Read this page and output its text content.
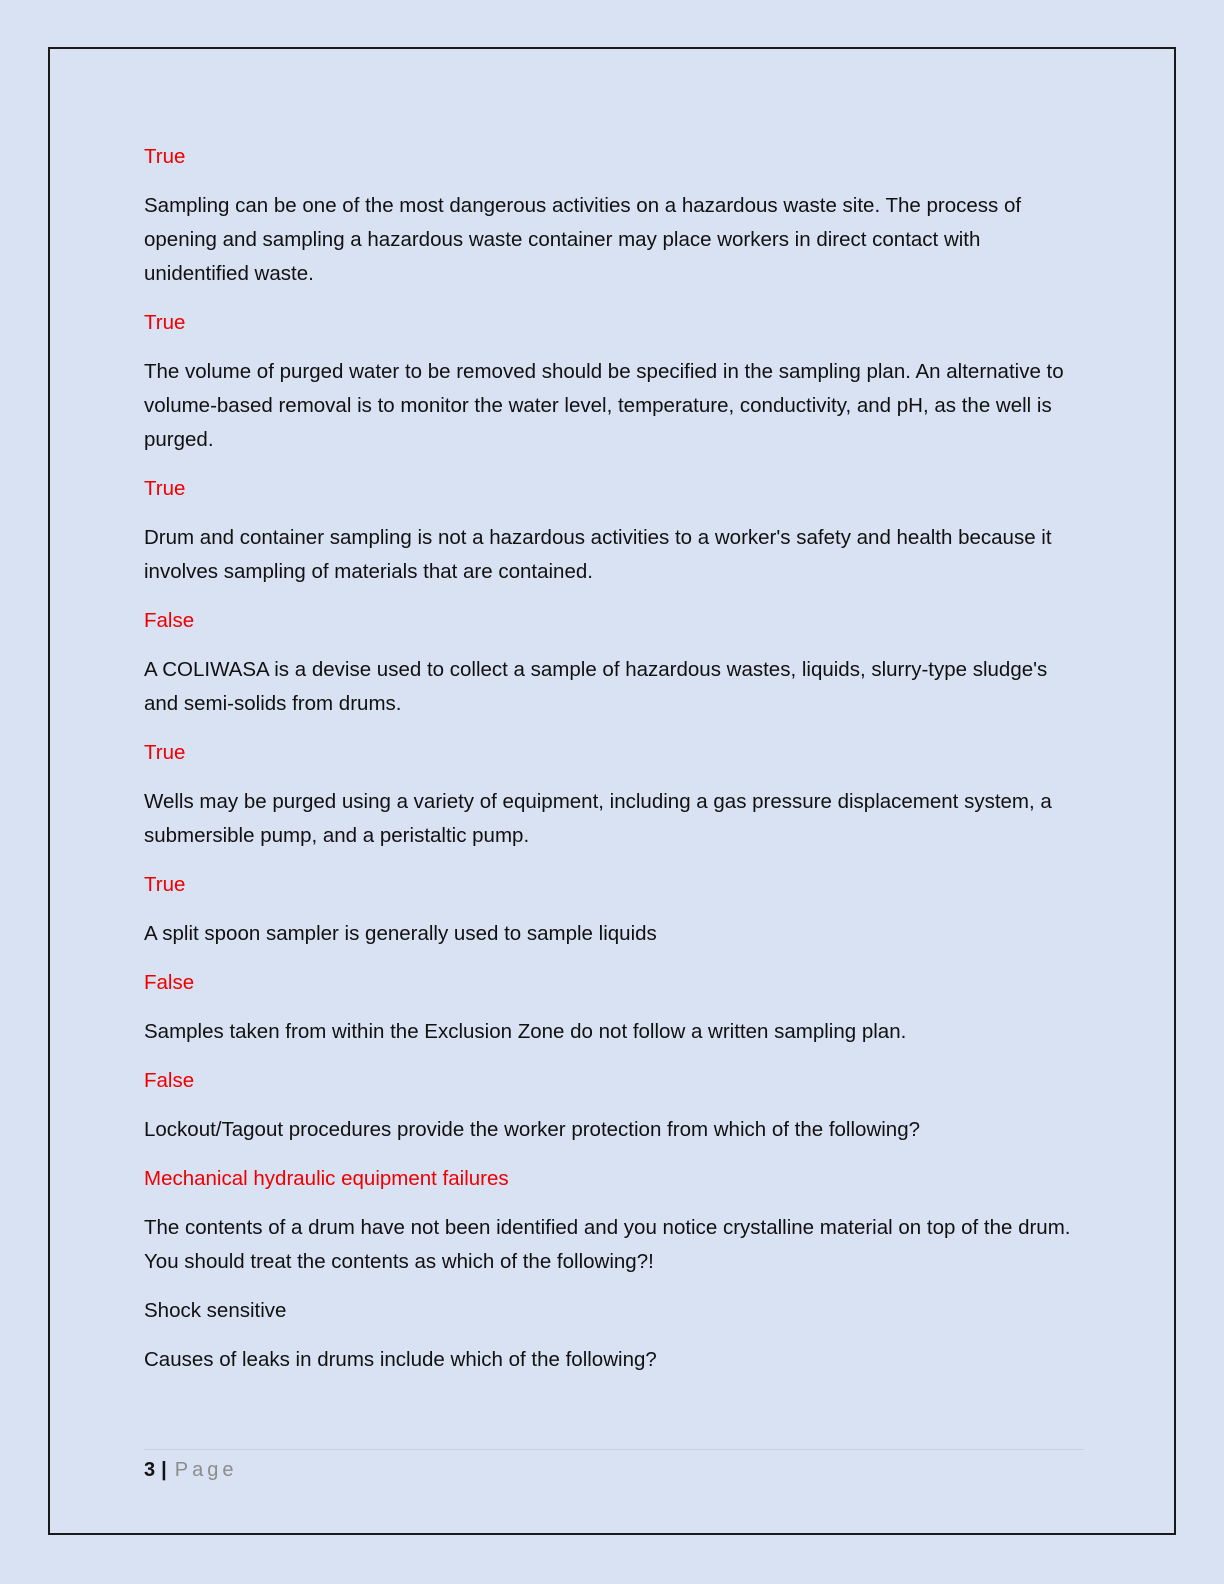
True

Sampling can be one of the most dangerous activities on a hazardous waste site. The process of opening and sampling a hazardous waste container may place workers in direct contact with unidentified waste.

True

The volume of purged water to be removed should be specified in the sampling plan. An alternative to volume-based removal is to monitor the water level, temperature, conductivity, and pH, as the well is purged.

True

Drum and container sampling is not a hazardous activities to a worker's safety and health because it involves sampling of materials that are contained.

False

A COLIWASA is a devise used to collect a sample of hazardous wastes, liquids, slurry-type sludge's and semi-solids from drums.

True

Wells may be purged using a variety of equipment, including a gas pressure displacement system, a submersible pump, and a peristaltic pump.

True

A split spoon sampler is generally used to sample liquids

False

Samples taken from within the Exclusion Zone do not follow a written sampling plan.

False

Lockout/Tagout procedures provide the worker protection from which of the following?

Mechanical hydraulic equipment failures

The contents of a drum have not been identified and you notice crystalline material on top of the drum. You should treat the contents as which of the following?!

Shock sensitive

Causes of leaks in drums include which of the following?

3 | Page
